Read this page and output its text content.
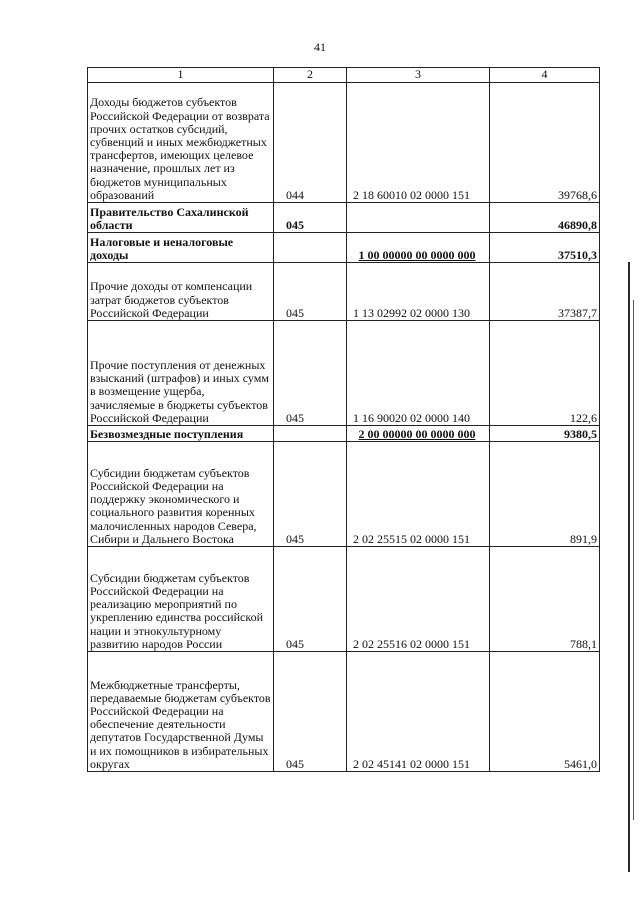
41
1	2	3	4
Доходы бюджетов субъектов Российской Федерации от возврата прочих остатков субсидий, субвенций и иных межбюджетных трансфертов, имеющих целевое назначение, прошлых лет из бюджетов муниципальных образований	044	2 18 60010 02 0000 151	39768,6
Правительство Сахалинской области	045		46890,8
Налоговые и неналоговые доходы		1 00 00000 00 0000 000	37510,3
Прочие доходы от компенсации затрат бюджетов субъектов Российской Федерации	045	1 13 02992 02 0000 130	37387,7
Прочие поступления от денежных взысканий (штрафов) и иных сумм в возмещение ущерба, зачисляемые в бюджеты субъектов Российской Федерации	045	1 16 90020 02 0000 140	122,6
Безвозмездные поступления		2 00 00000 00 0000 000	9380,5
Субсидии бюджетам субъектов Российской Федерации на поддержку экономического и социального развития коренных малочисленных народов Севера, Сибири и Дальнего Востока	045	2 02 25515 02 0000 151	891,9
Субсидии бюджетам субъектов Российской Федерации на реализацию мероприятий по укреплению единства российской нации и этнокультурному развитию народов России	045	2 02 25516 02 0000 151	788,1
Межбюджетные трансферты, передаваемые бюджетам субъектов Российской Федерации на обеспечение деятельности депутатов Государственной Думы и их помощников в избирательных округах	045	2 02 45141 02 0000 151	5461,0
